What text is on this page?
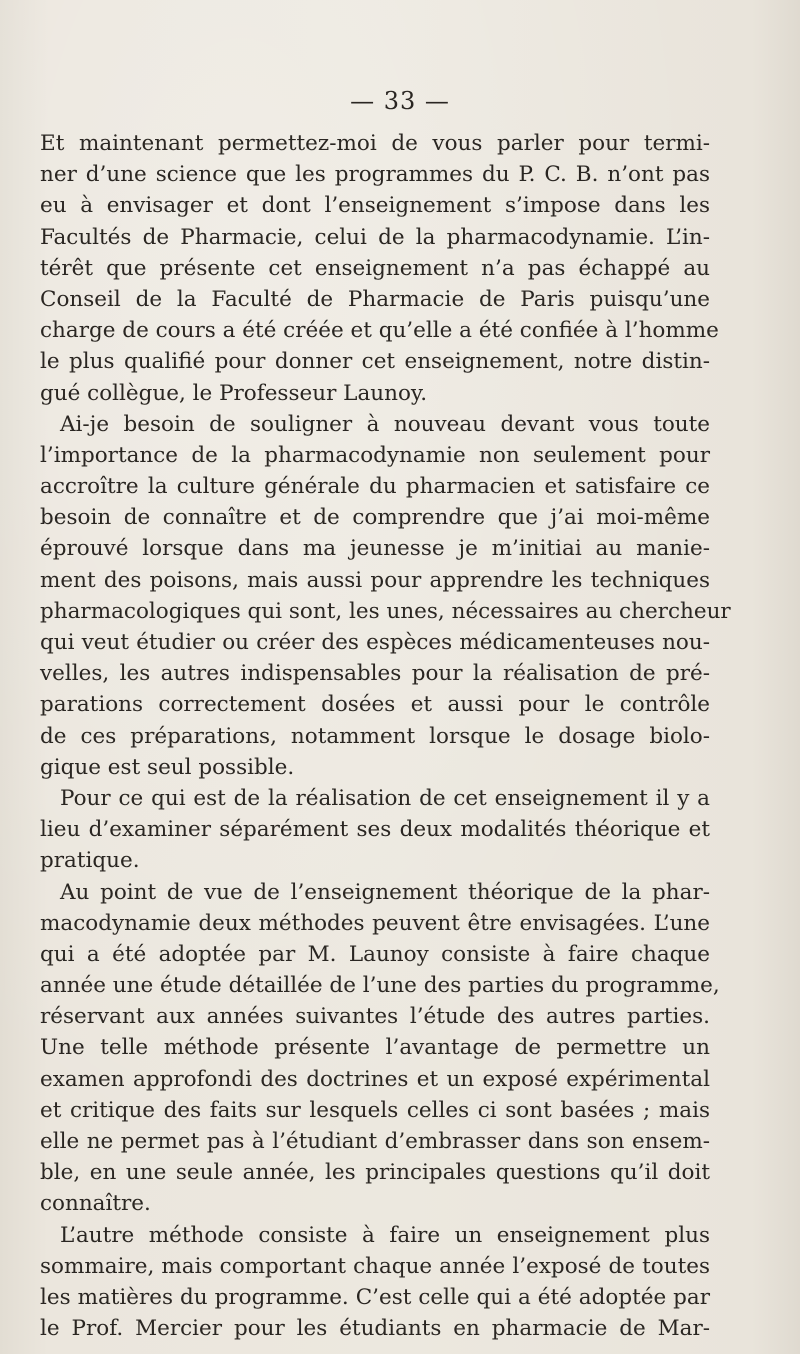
— 33 —
Et maintenant permettez-moi de vous parler pour termi-
ner d’une science que les programmes du P. C. B. n’ont pas
eu à envisager et dont l’enseignement s’impose dans les
Facultés de Pharmacie, celui de la pharmacodynamie. L’in-
térêt que présente cet enseignement n’a pas échappé au
Conseil de la Faculté de Pharmacie de Paris puisqu’une
charge de cours a été créée et qu’elle a été confiée à l’homme
le plus qualifié pour donner cet enseignement, notre distin-
gué collègue, le Professeur Launoy.
Ai-je besoin de souligner à nouveau devant vous toute
l’importance de la pharmacodynamie non seulement pour
accroître la culture générale du pharmacien et satisfaire ce
besoin de connaître et de comprendre que j’ai moi-même
éprouvé lorsque dans ma jeunesse je m’initiai au manie-
ment des poisons, mais aussi pour apprendre les techniques
pharmacologiques qui sont, les unes, nécessaires au chercheur
qui veut étudier ou créer des espèces médicamenteuses nou-
velles, les autres indispensables pour la réalisation de pré-
parations correctement dosées et aussi pour le contrôle
de ces préparations, notamment lorsque le dosage biolo-
gique est seul possible.
Pour ce qui est de la réalisation de cet enseignement il y a
lieu d’examiner séparément ses deux modalités théorique et
pratique.
Au point de vue de l’enseignement théorique de la phar-
macodynamie deux méthodes peuvent être envisagées. L’une
qui a été adoptée par M. Launoy consiste à faire chaque
année une étude détaillée de l’une des parties du programme,
réservant aux années suivantes l’étude des autres parties.
Une telle méthode présente l’avantage de permettre un
examen approfondi des doctrines et un exposé expérimental
et critique des faits sur lesquels celles ci sont basées ; mais
elle ne permet pas à l’étudiant d’embrasser dans son ensem-
ble, en une seule année, les principales questions qu’il doit
connaître.
L’autre méthode consiste à faire un enseignement plus
sommaire, mais comportant chaque année l’exposé de toutes
les matières du programme. C’est celle qui a été adoptée par
le Prof. Mercier pour les étudiants en pharmacie de Mar-
